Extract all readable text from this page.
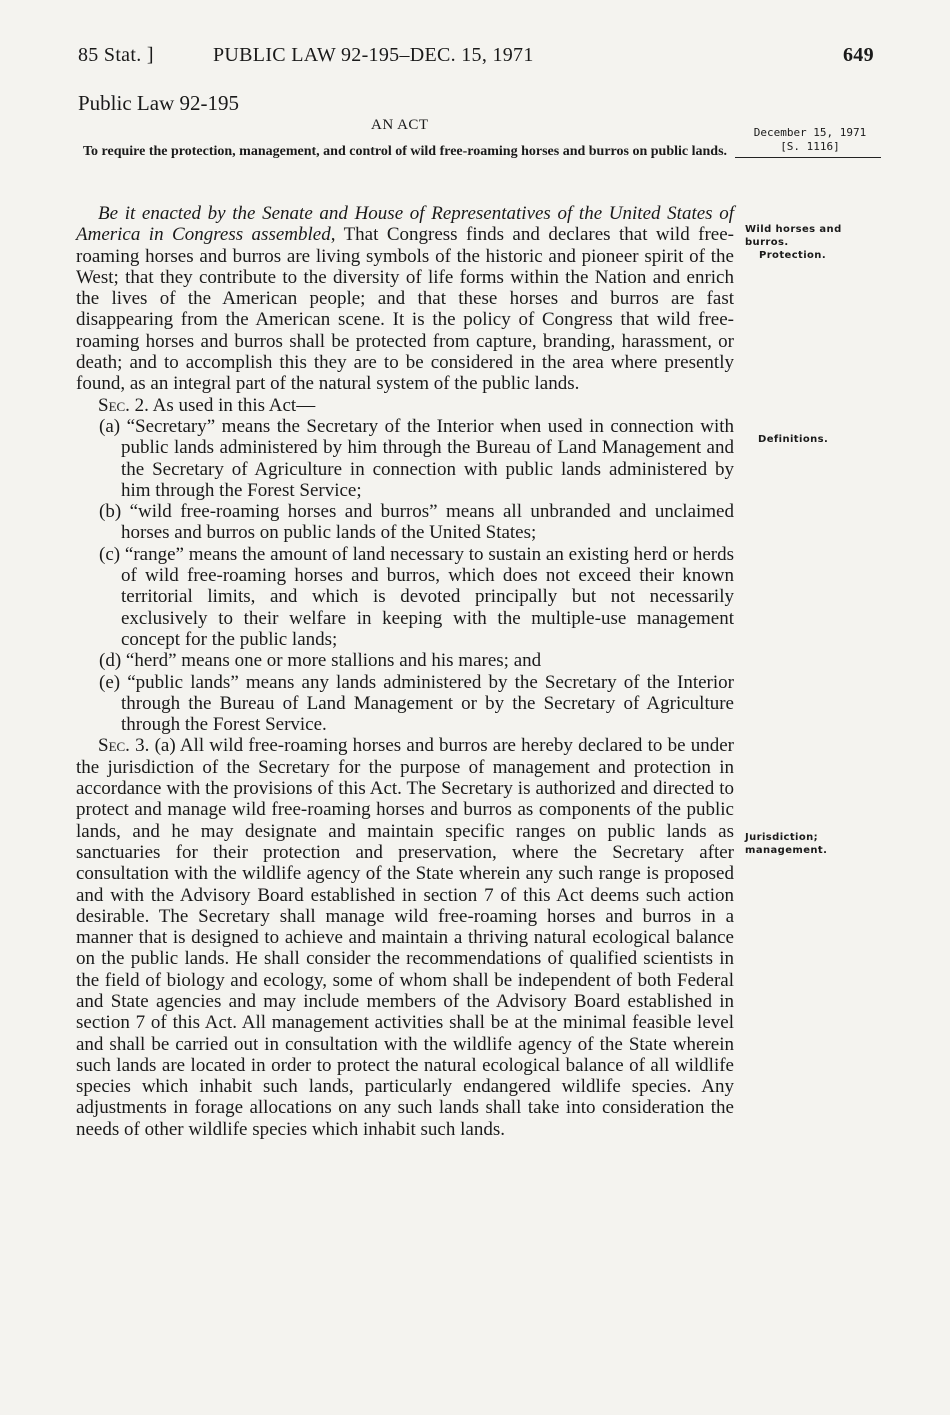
85 Stat. ]	PUBLIC LAW 92-195–DEC. 15, 1971	649
Public Law 92-195
AN ACT
To require the protection, management, and control of wild free-roaming horses and burros on public lands.
December 15, 1971
[S. 1116]
Wild horses and burros.
Protection.
Definitions.
Jurisdiction; management.

Be it enacted by the Senate and House of Representatives of the United States of America in Congress assembled, That Congress finds and declares that wild free-roaming horses and burros are living symbols of the historic and pioneer spirit of the West; that they contribute to the diversity of life forms within the Nation and enrich the lives of the American people; and that these horses and burros are fast disappearing from the American scene. It is the policy of Congress that wild free-roaming horses and burros shall be protected from capture, branding, harassment, or death; and to accomplish this they are to be considered in the area where presently found, as an integral part of the natural system of the public lands.

Sec. 2. As used in this Act—

(a) “Secretary” means the Secretary of the Interior when used in connection with public lands administered by him through the Bureau of Land Management and the Secretary of Agriculture in connection with public lands administered by him through the Forest Service;

(b) “wild free-roaming horses and burros” means all unbranded and unclaimed horses and burros on public lands of the United States;

(c) “range” means the amount of land necessary to sustain an existing herd or herds of wild free-roaming horses and burros, which does not exceed their known territorial limits, and which is devoted principally but not necessarily exclusively to their welfare in keeping with the multiple-use management concept for the public lands;

(d) “herd” means one or more stallions and his mares; and

(e) “public lands” means any lands administered by the Secretary of the Interior through the Bureau of Land Management or by the Secretary of Agriculture through the Forest Service.

Sec. 3. (a) All wild free-roaming horses and burros are hereby declared to be under the jurisdiction of the Secretary for the purpose of management and protection in accordance with the provisions of this Act. The Secretary is authorized and directed to protect and manage wild free-roaming horses and burros as components of the public lands, and he may designate and maintain specific ranges on public lands as sanctuaries for their protection and preservation, where the Secretary after consultation with the wildlife agency of the State wherein any such range is proposed and with the Advisory Board established in section 7 of this Act deems such action desirable. The Secretary shall manage wild free-roaming horses and burros in a manner that is designed to achieve and maintain a thriving natural ecological balance on the public lands. He shall consider the recommendations of qualified scientists in the field of biology and ecology, some of whom shall be independent of both Federal and State agencies and may include members of the Advisory Board established in section 7 of this Act. All management activities shall be at the minimal feasible level and shall be carried out in consultation with the wildlife agency of the State wherein such lands are located in order to protect the natural ecological balance of all wildlife species which inhabit such lands, particularly endangered wildlife species. Any adjustments in forage allocations on any such lands shall take into consideration the needs of other wildlife species which inhabit such lands.
